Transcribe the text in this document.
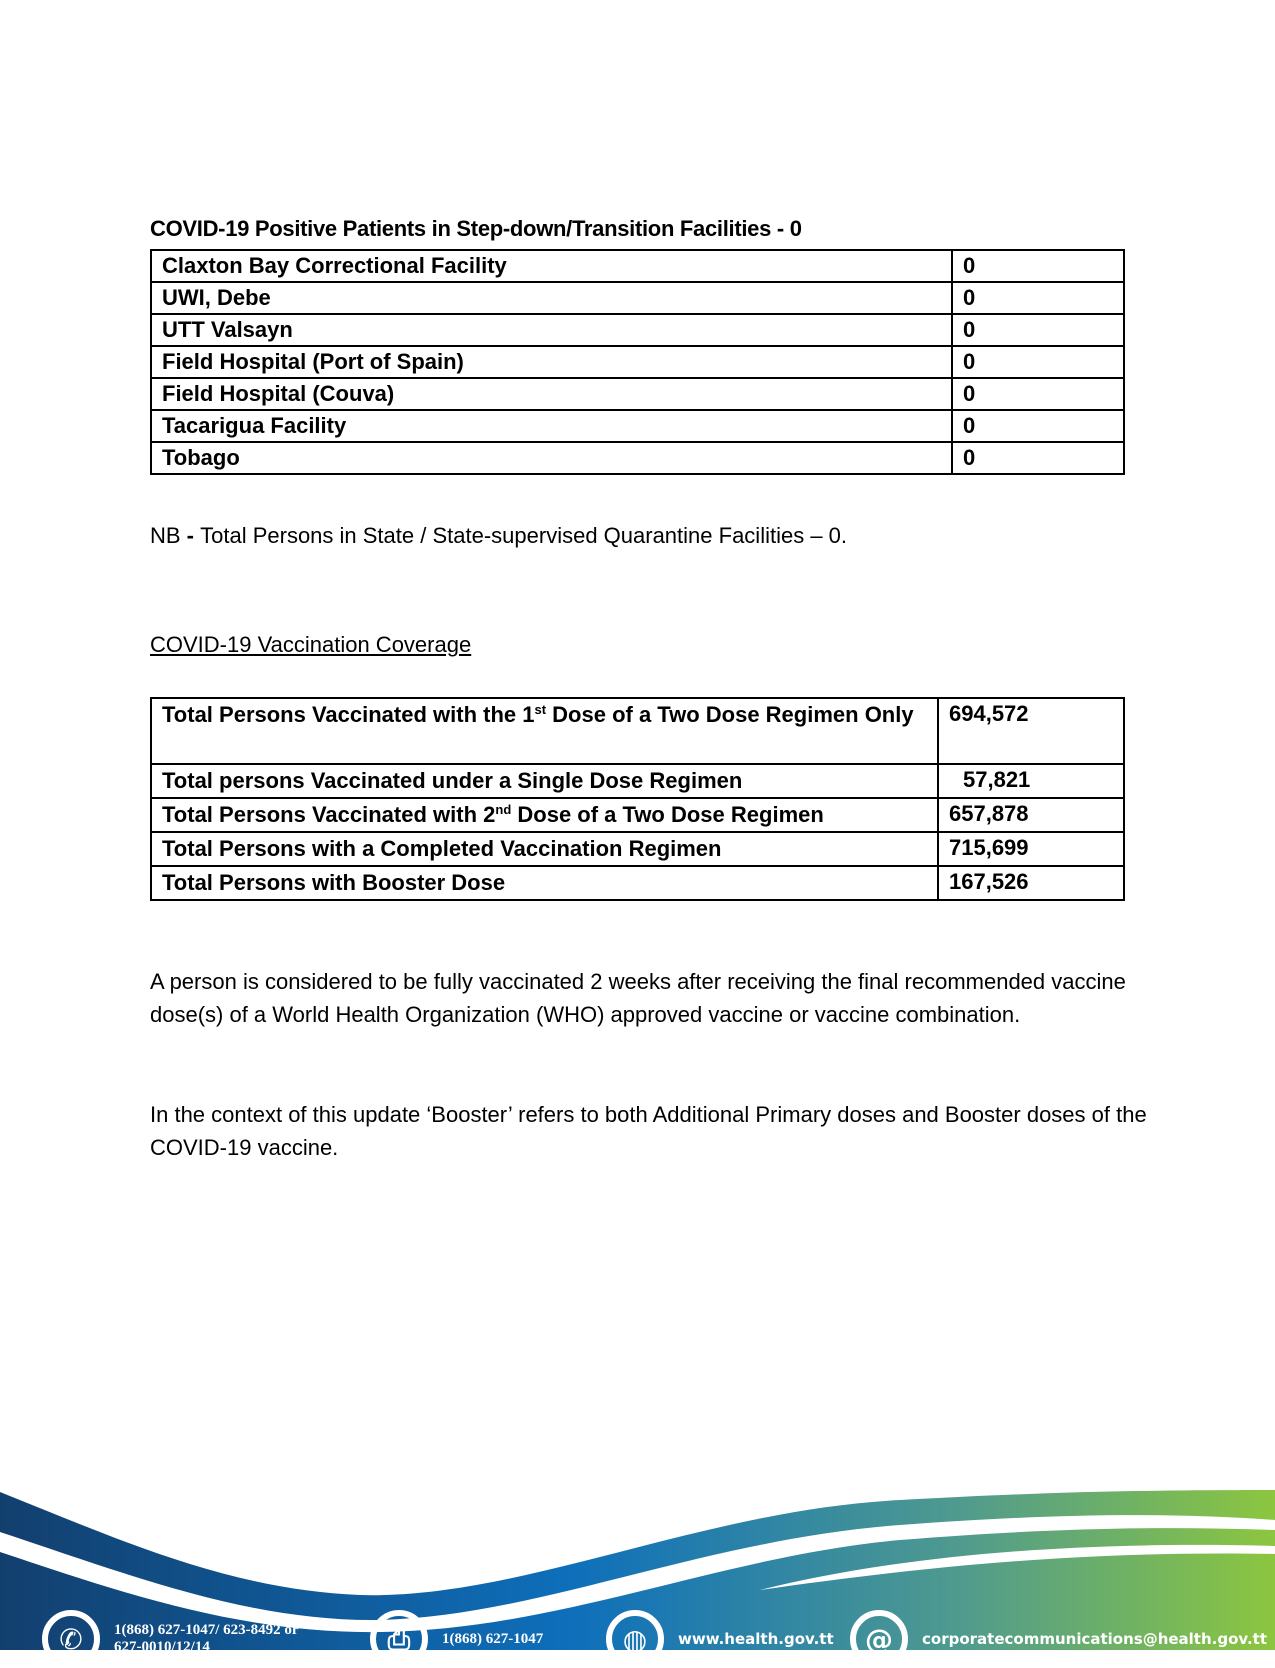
COVID-19 Positive Patients in Step-down/Transition Facilities - 0
Claxton Bay Correctional Facility	0
UWI, Debe	0
UTT Valsayn	0
Field Hospital (Port of Spain)	0
Field Hospital (Couva)	0
Tacarigua Facility	0
Tobago	0
NB - Total Persons in State / State-supervised Quarantine Facilities – 0.
COVID-19 Vaccination Coverage
Total Persons Vaccinated with the 1st Dose of a Two Dose Regimen Only	694,572
Total persons Vaccinated under a Single Dose Regimen	57,821
Total Persons Vaccinated with 2nd Dose of a Two Dose Regimen	657,878
Total Persons with a Completed Vaccination Regimen	715,699
Total Persons with Booster Dose	167,526

A person is considered to be fully vaccinated 2 weeks after receiving the final recommended vaccine dose(s) of a World Health Organization (WHO) approved vaccine or vaccine combination.

In the context of this update ‘Booster’ refers to both Additional Primary doses and Booster doses of the COVID-19 vaccine.

✆	1(868) 627-1047/ 623-8492 or
627-0010/12/14	⎙	1(868) 627-1047	◍	www.health.gov.tt	@	corporatecommunications@health.gov.tt
